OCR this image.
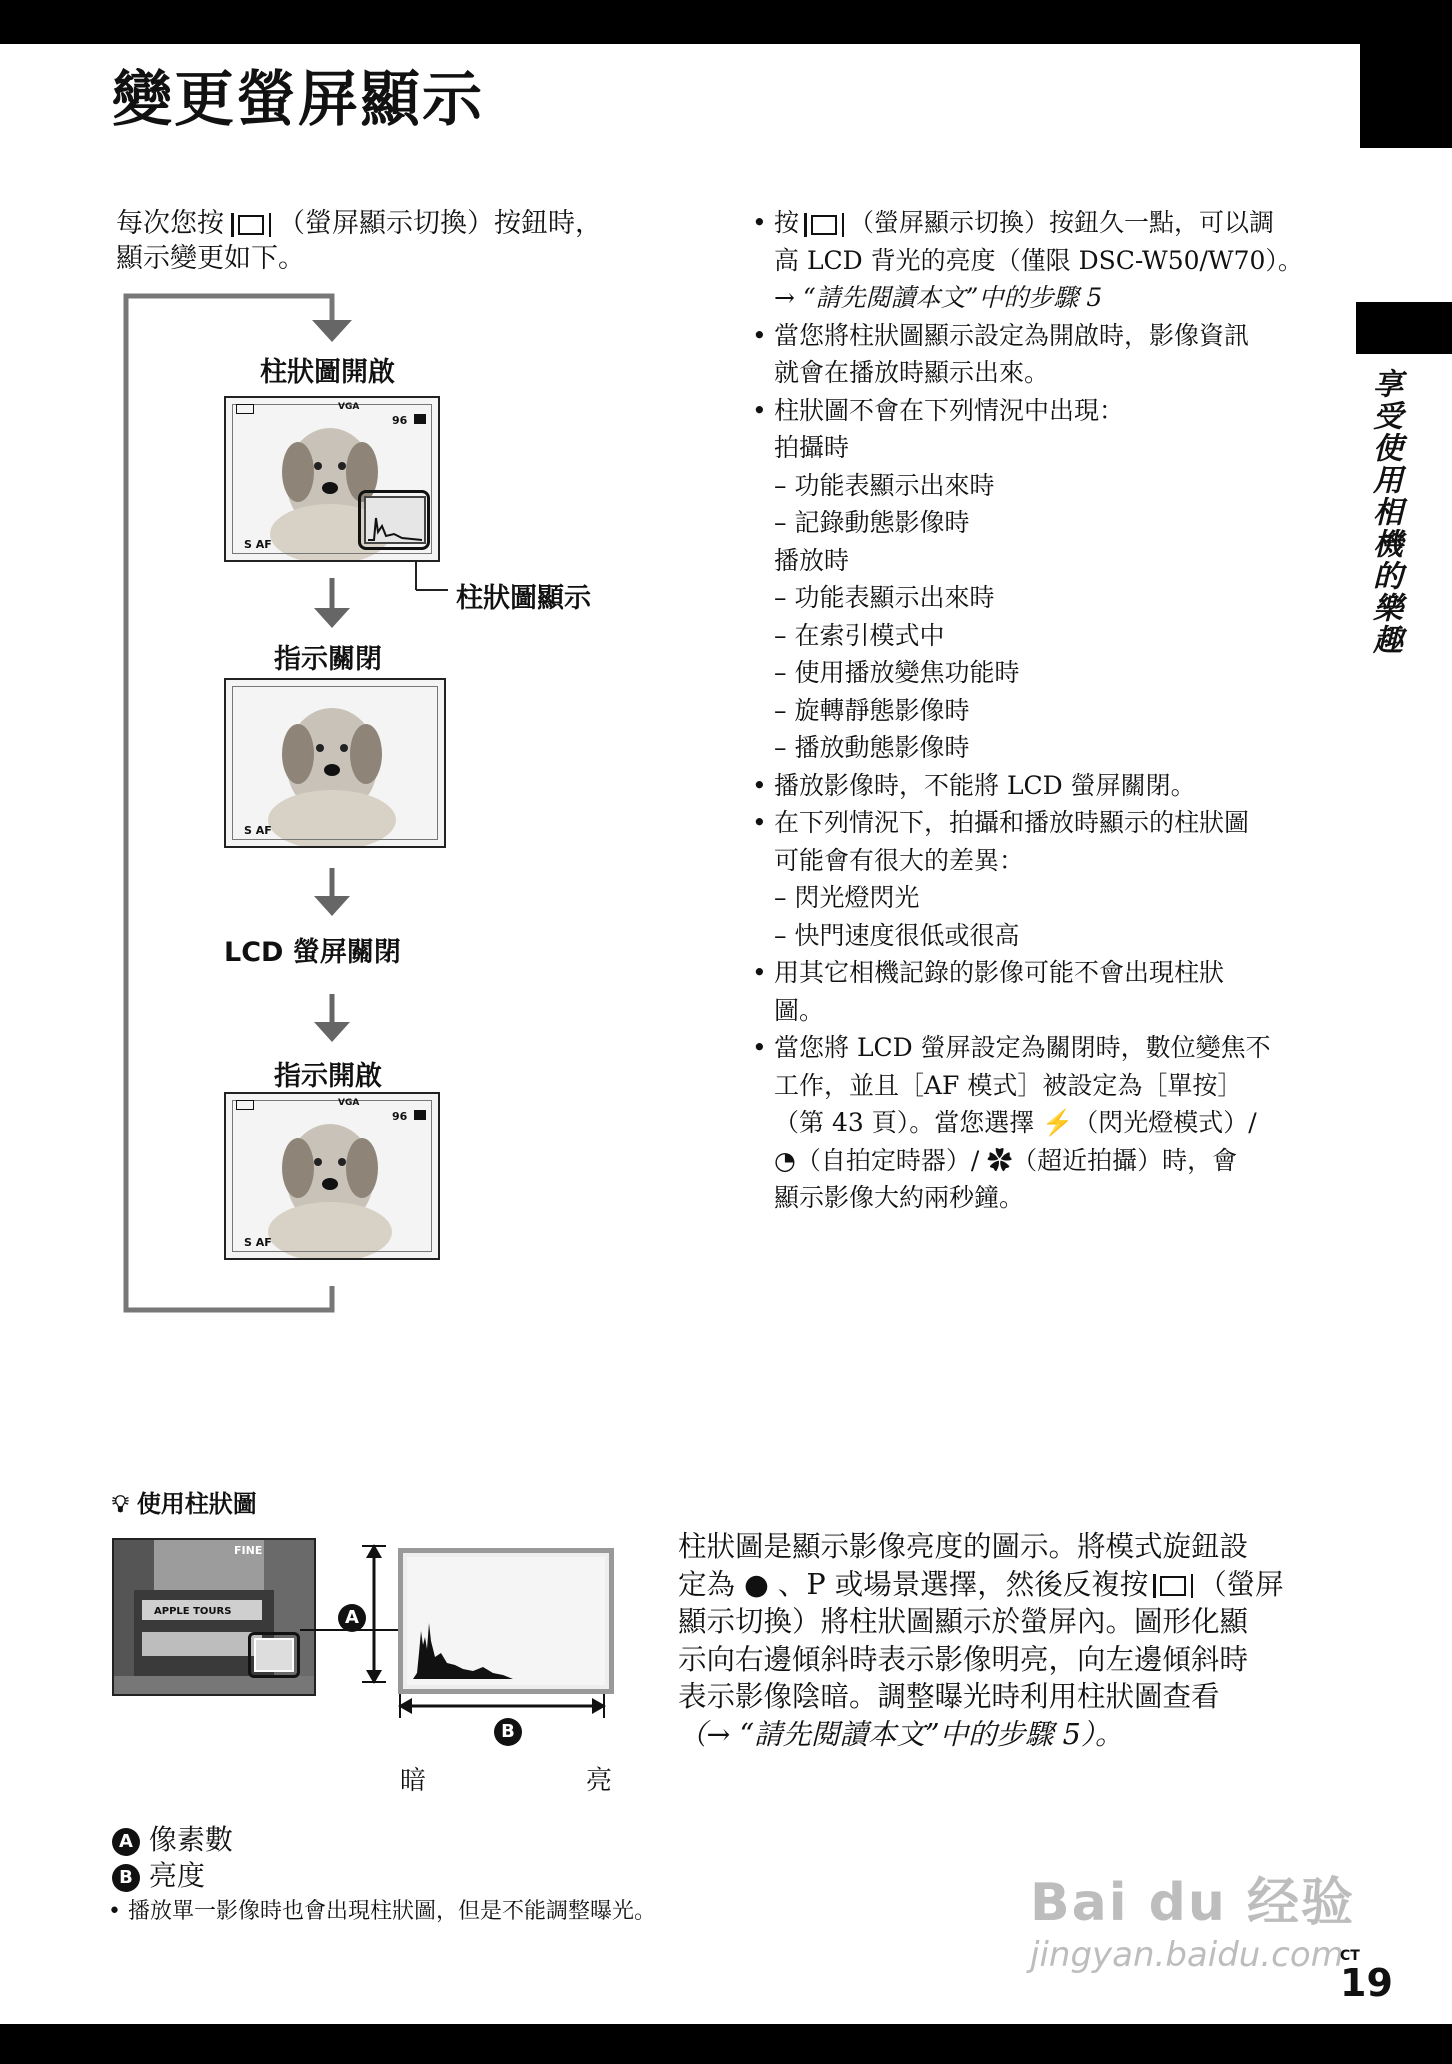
享受使用相機的樂趣
變更螢屏顯示
每次您按 （螢屏顯示切換）按鈕時，
顯示變更如下。
柱狀圖開啟
指示關閉
LCD 螢屏關閉
指示開啟
柱狀圖顯示
VGA
96
S AF
S AF
VGA
96
S AF
• 按 （螢屏顯示切換）按鈕久一點，可以調
高 LCD 背光的亮度（僅限 DSC-W50/W70）。
→ “請先閱讀本文”中的步驟 5
• 當您將柱狀圖顯示設定為開啟時，影像資訊
就會在播放時顯示出來。
• 柱狀圖不會在下列情況中出現：
拍攝時
– 功能表顯示出來時
– 記錄動態影像時
播放時
– 功能表顯示出來時
– 在索引模式中
– 使用播放變焦功能時
– 旋轉靜態影像時
– 播放動態影像時
• 播放影像時，不能將 LCD 螢屏關閉。
• 在下列情況下，拍攝和播放時顯示的柱狀圖
可能會有很大的差異：
– 閃光燈閃光
– 快門速度很低或很高
• 用其它相機記錄的影像可能不會出現柱狀
圖。
• 當您將 LCD 螢屏設定為關閉時，數位變焦不
工作，並且［AF 模式］被設定為［單按］
（第 43 頁）。當您選擇 ⚡（閃光燈模式）/
◔（自拍定時器）/ ✿（超近拍攝）時，會
顯示影像大約兩秒鐘。
💡︎ 使用柱狀圖
FINE
APPLE TOURS	A
B
暗	亮
柱狀圖是顯示影像亮度的圖示。將模式旋鈕設
定為 ● 、P 或場景選擇，然後反複按 （螢屏
顯示切換）將柱狀圖顯示於螢屏內。圖形化顯
示向右邊傾斜時表示影像明亮，向左邊傾斜時
表示影像陰暗。調整曝光時利用柱狀圖查看
（→ “請先閱讀本文”中的步驟 5）。
A 像素數
B 亮度
• 播放單一影像時也會出現柱狀圖，但是不能調整曝光。	Bai du 经验
jingyan.baidu.com
CT
19
